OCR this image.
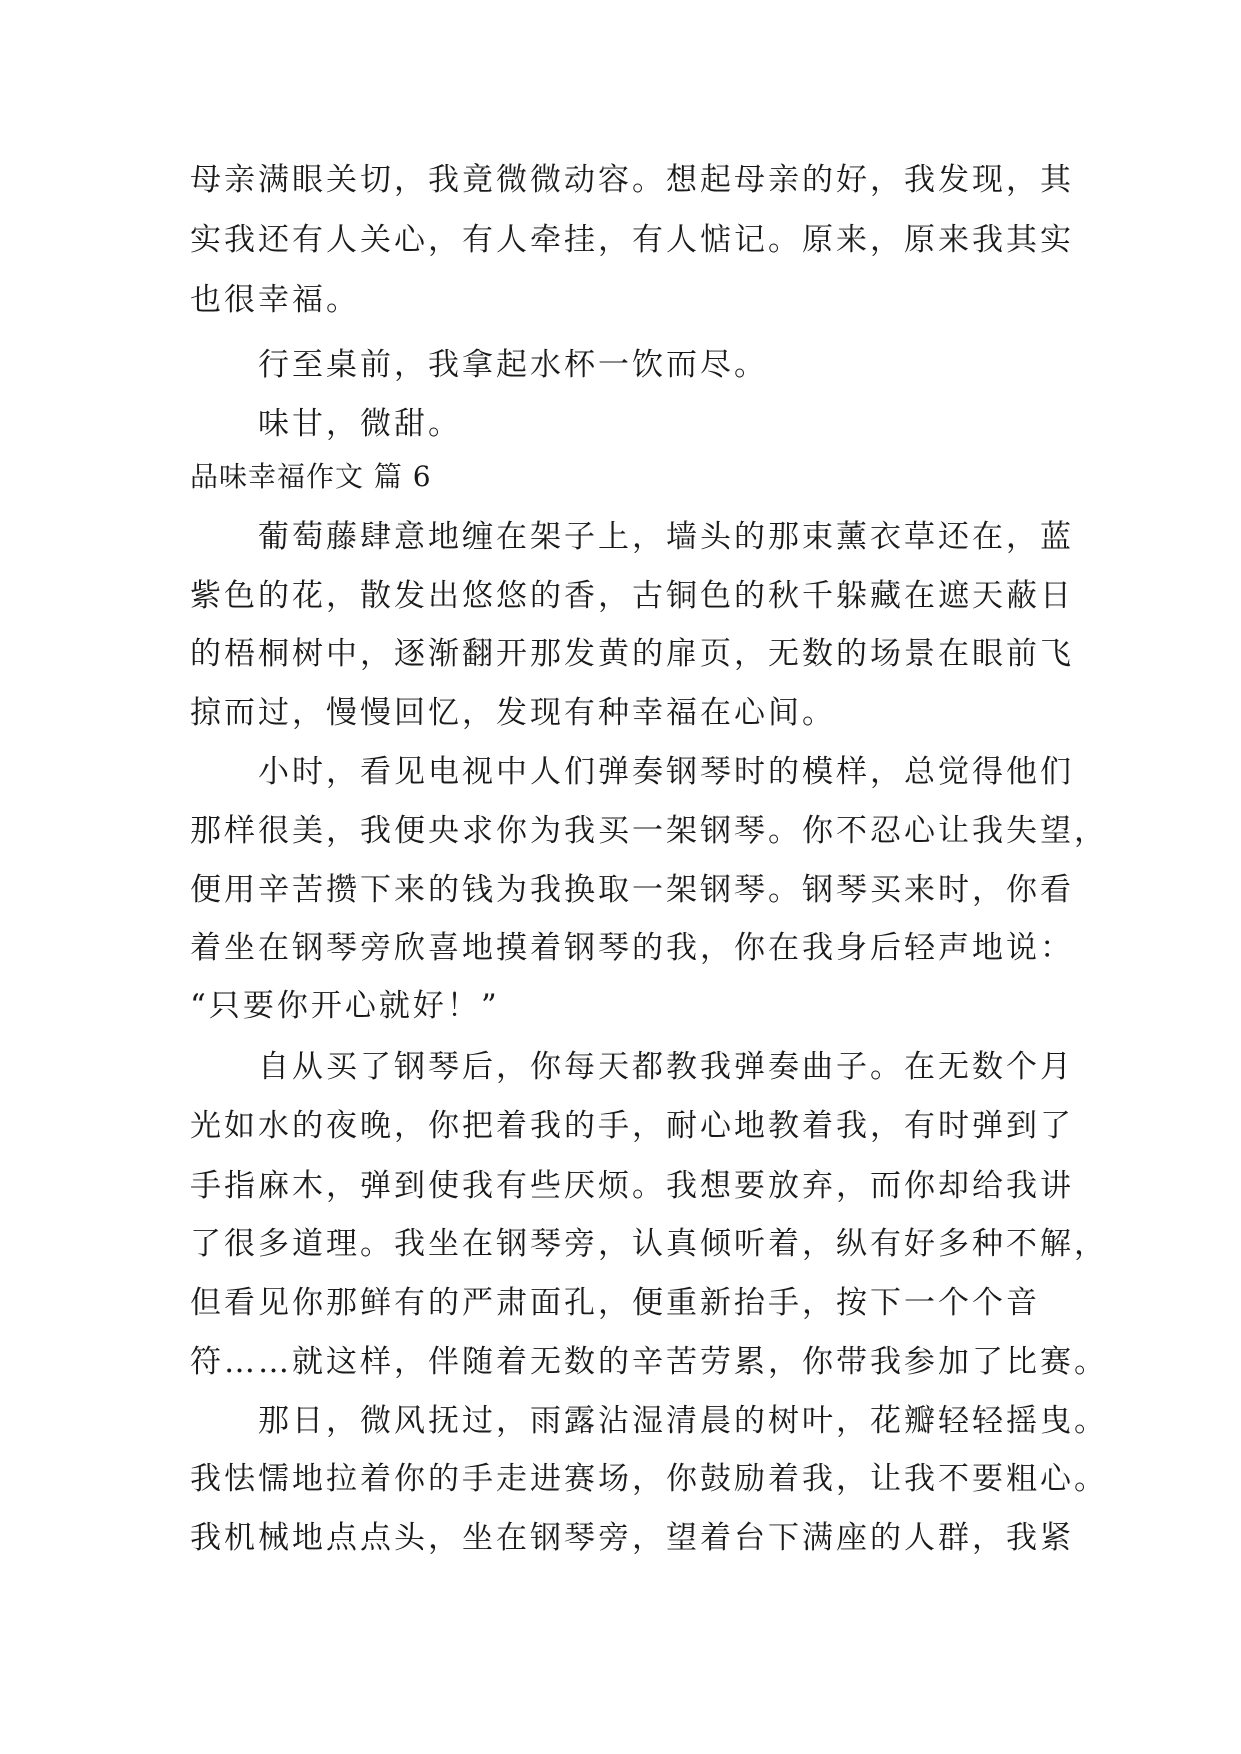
母亲满眼关切，我竟微微动容。想起母亲的好，我发现，其
实我还有人关心，有人牵挂，有人惦记。原来，原来我其实
也很幸福。
　　行至桌前，我拿起水杯一饮而尽。
　　味甘，微甜。
品味幸福作文 篇 6
　　葡萄藤肆意地缠在架子上，墙头的那束薰衣草还在，蓝
紫色的花，散发出悠悠的香，古铜色的秋千躲藏在遮天蔽日
的梧桐树中，逐渐翻开那发黄的扉页，无数的场景在眼前飞
掠而过，慢慢回忆，发现有种幸福在心间。
　　小时，看见电视中人们弹奏钢琴时的模样，总觉得他们
那样很美，我便央求你为我买一架钢琴。你不忍心让我失望，
便用辛苦攒下来的钱为我换取一架钢琴。钢琴买来时，你看
着坐在钢琴旁欣喜地摸着钢琴的我，你在我身后轻声地说：
“只要你开心就好！”
　　自从买了钢琴后，你每天都教我弹奏曲子。在无数个月
光如水的夜晚，你把着我的手，耐心地教着我，有时弹到了
手指麻木，弹到使我有些厌烦。我想要放弃，而你却给我讲
了很多道理。我坐在钢琴旁，认真倾听着，纵有好多种不解，
但看见你那鲜有的严肃面孔，便重新抬手，按下一个个音
符……就这样，伴随着无数的辛苦劳累，你带我参加了比赛。
　　那日，微风抚过，雨露沾湿清晨的树叶，花瓣轻轻摇曳。
我怯懦地拉着你的手走进赛场，你鼓励着我，让我不要粗心。
我机械地点点头，坐在钢琴旁，望着台下满座的人群，我紧
